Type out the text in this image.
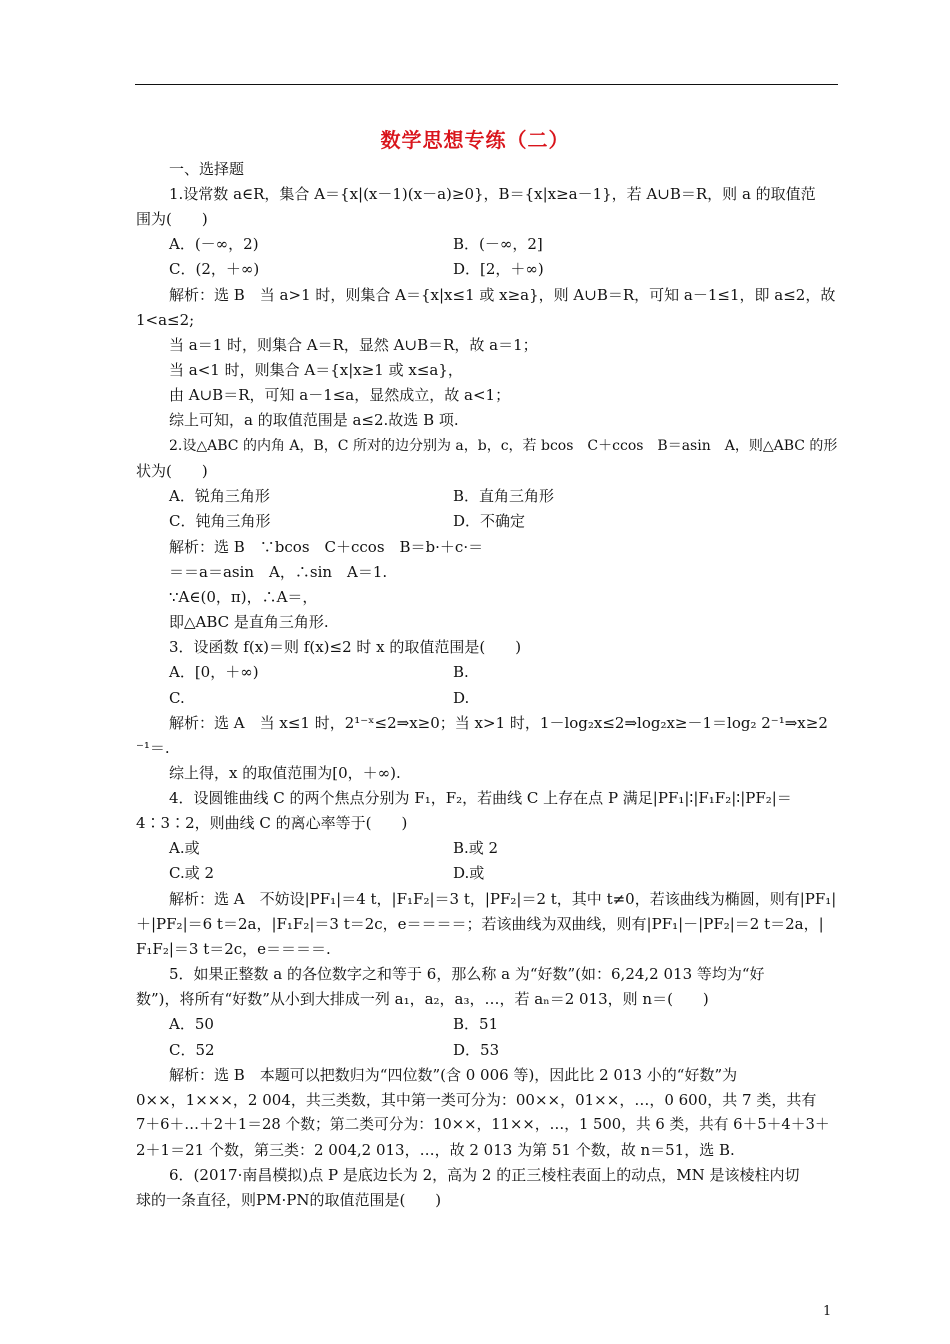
数学思想专练（二）
一、选择题
1.设常数 a∈R，集合 A＝{x|(x－1)(x－a)≥0}，B＝{x|x≥a－1}，若 A∪B＝R，则 a 的取值范
围为(　　)
A．(－∞，2)	B．(－∞，2]
C．(2，＋∞)	D．[2，＋∞)
解析：选 B　当 a>1 时，则集合 A＝{x|x≤1 或 x≥a}，则 A∪B＝R，可知 a－1≤1，即 a≤2，故
1<a≤2;
当 a＝1 时，则集合 A＝R，显然 A∪B＝R，故 a＝1；
当 a<1 时，则集合 A＝{x|x≥1 或 x≤a}，
由 A∪B＝R，可知 a－1≤a，显然成立，故 a<1；
综上可知，a 的取值范围是 a≤2.故选 B 项.
2.设△ABC 的内角 A，B，C 所对的边分别为 a，b，c，若 bcos　C＋ccos　B＝asin　A，则△ABC 的形
状为(　　)
A．锐角三角形	B．直角三角形
C．钝角三角形	D．不确定
解析：选 B　∵bcos　C＋ccos　B＝b·＋c·＝
＝＝a＝asin　A，∴sin　A＝1.
∵A∈(0，π)，∴A＝，
即△ABC 是直角三角形.
3．设函数 f(x)＝则 f(x)≤2 时 x 的取值范围是(　　)
A．[0，＋∞)	B.
C.	D.
解析：选 A　当 x≤1 时，2¹⁻ˣ≤2⇒x≥0；当 x>1 时，1－log₂x≤2⇒log₂x≥－1＝log₂ 2⁻¹⇒x≥2
⁻¹＝.
综上得，x 的取值范围为[0，＋∞).
4．设圆锥曲线 C 的两个焦点分别为 F₁，F₂，若曲线 C 上存在点 P 满足|PF₁|∶|F₁F₂|∶|PF₂|＝
4∶3∶2，则曲线 C 的离心率等于(　　)
A.或	B.或 2
C.或 2	D.或
解析：选 A　不妨设|PF₁|＝4 t，|F₁F₂|＝3 t，|PF₂|＝2 t，其中 t≠0，若该曲线为椭圆，则有|PF₁|
＋|PF₂|＝6 t＝2a，|F₁F₂|＝3 t＝2c，e＝＝＝＝；若该曲线为双曲线，则有|PF₁|－|PF₂|＝2 t＝2a，|
F₁F₂|＝3 t＝2c，e＝＝＝＝.
5．如果正整数 a 的各位数字之和等于 6，那么称 a 为“好数”(如：6,24,2 013 等均为“好
数”)，将所有“好数”从小到大排成一列 a₁，a₂，a₃，…，若 aₙ＝2 013，则 n＝(　　)
A．50	B．51
C．52	D．53
解析：选 B　本题可以把数归为“四位数”(含 0 006 等)，因此比 2 013 小的“好数”为
0××，1×××，2 004，共三类数，其中第一类可分为：00××，01××，…，0 600，共 7 类，共有
7＋6＋…＋2＋1＝28 个数；第二类可分为：10××，11××，…，1 500，共 6 类，共有 6＋5＋4＋3＋
2＋1＝21 个数，第三类：2 004,2 013，…，故 2 013 为第 51 个数，故 n＝51，选 B.
6．(2017·南昌模拟)点 P 是底边长为 2，高为 2 的正三棱柱表面上的动点，MN 是该棱柱内切
球的一条直径，则PM·PN的取值范围是(　　)
1
